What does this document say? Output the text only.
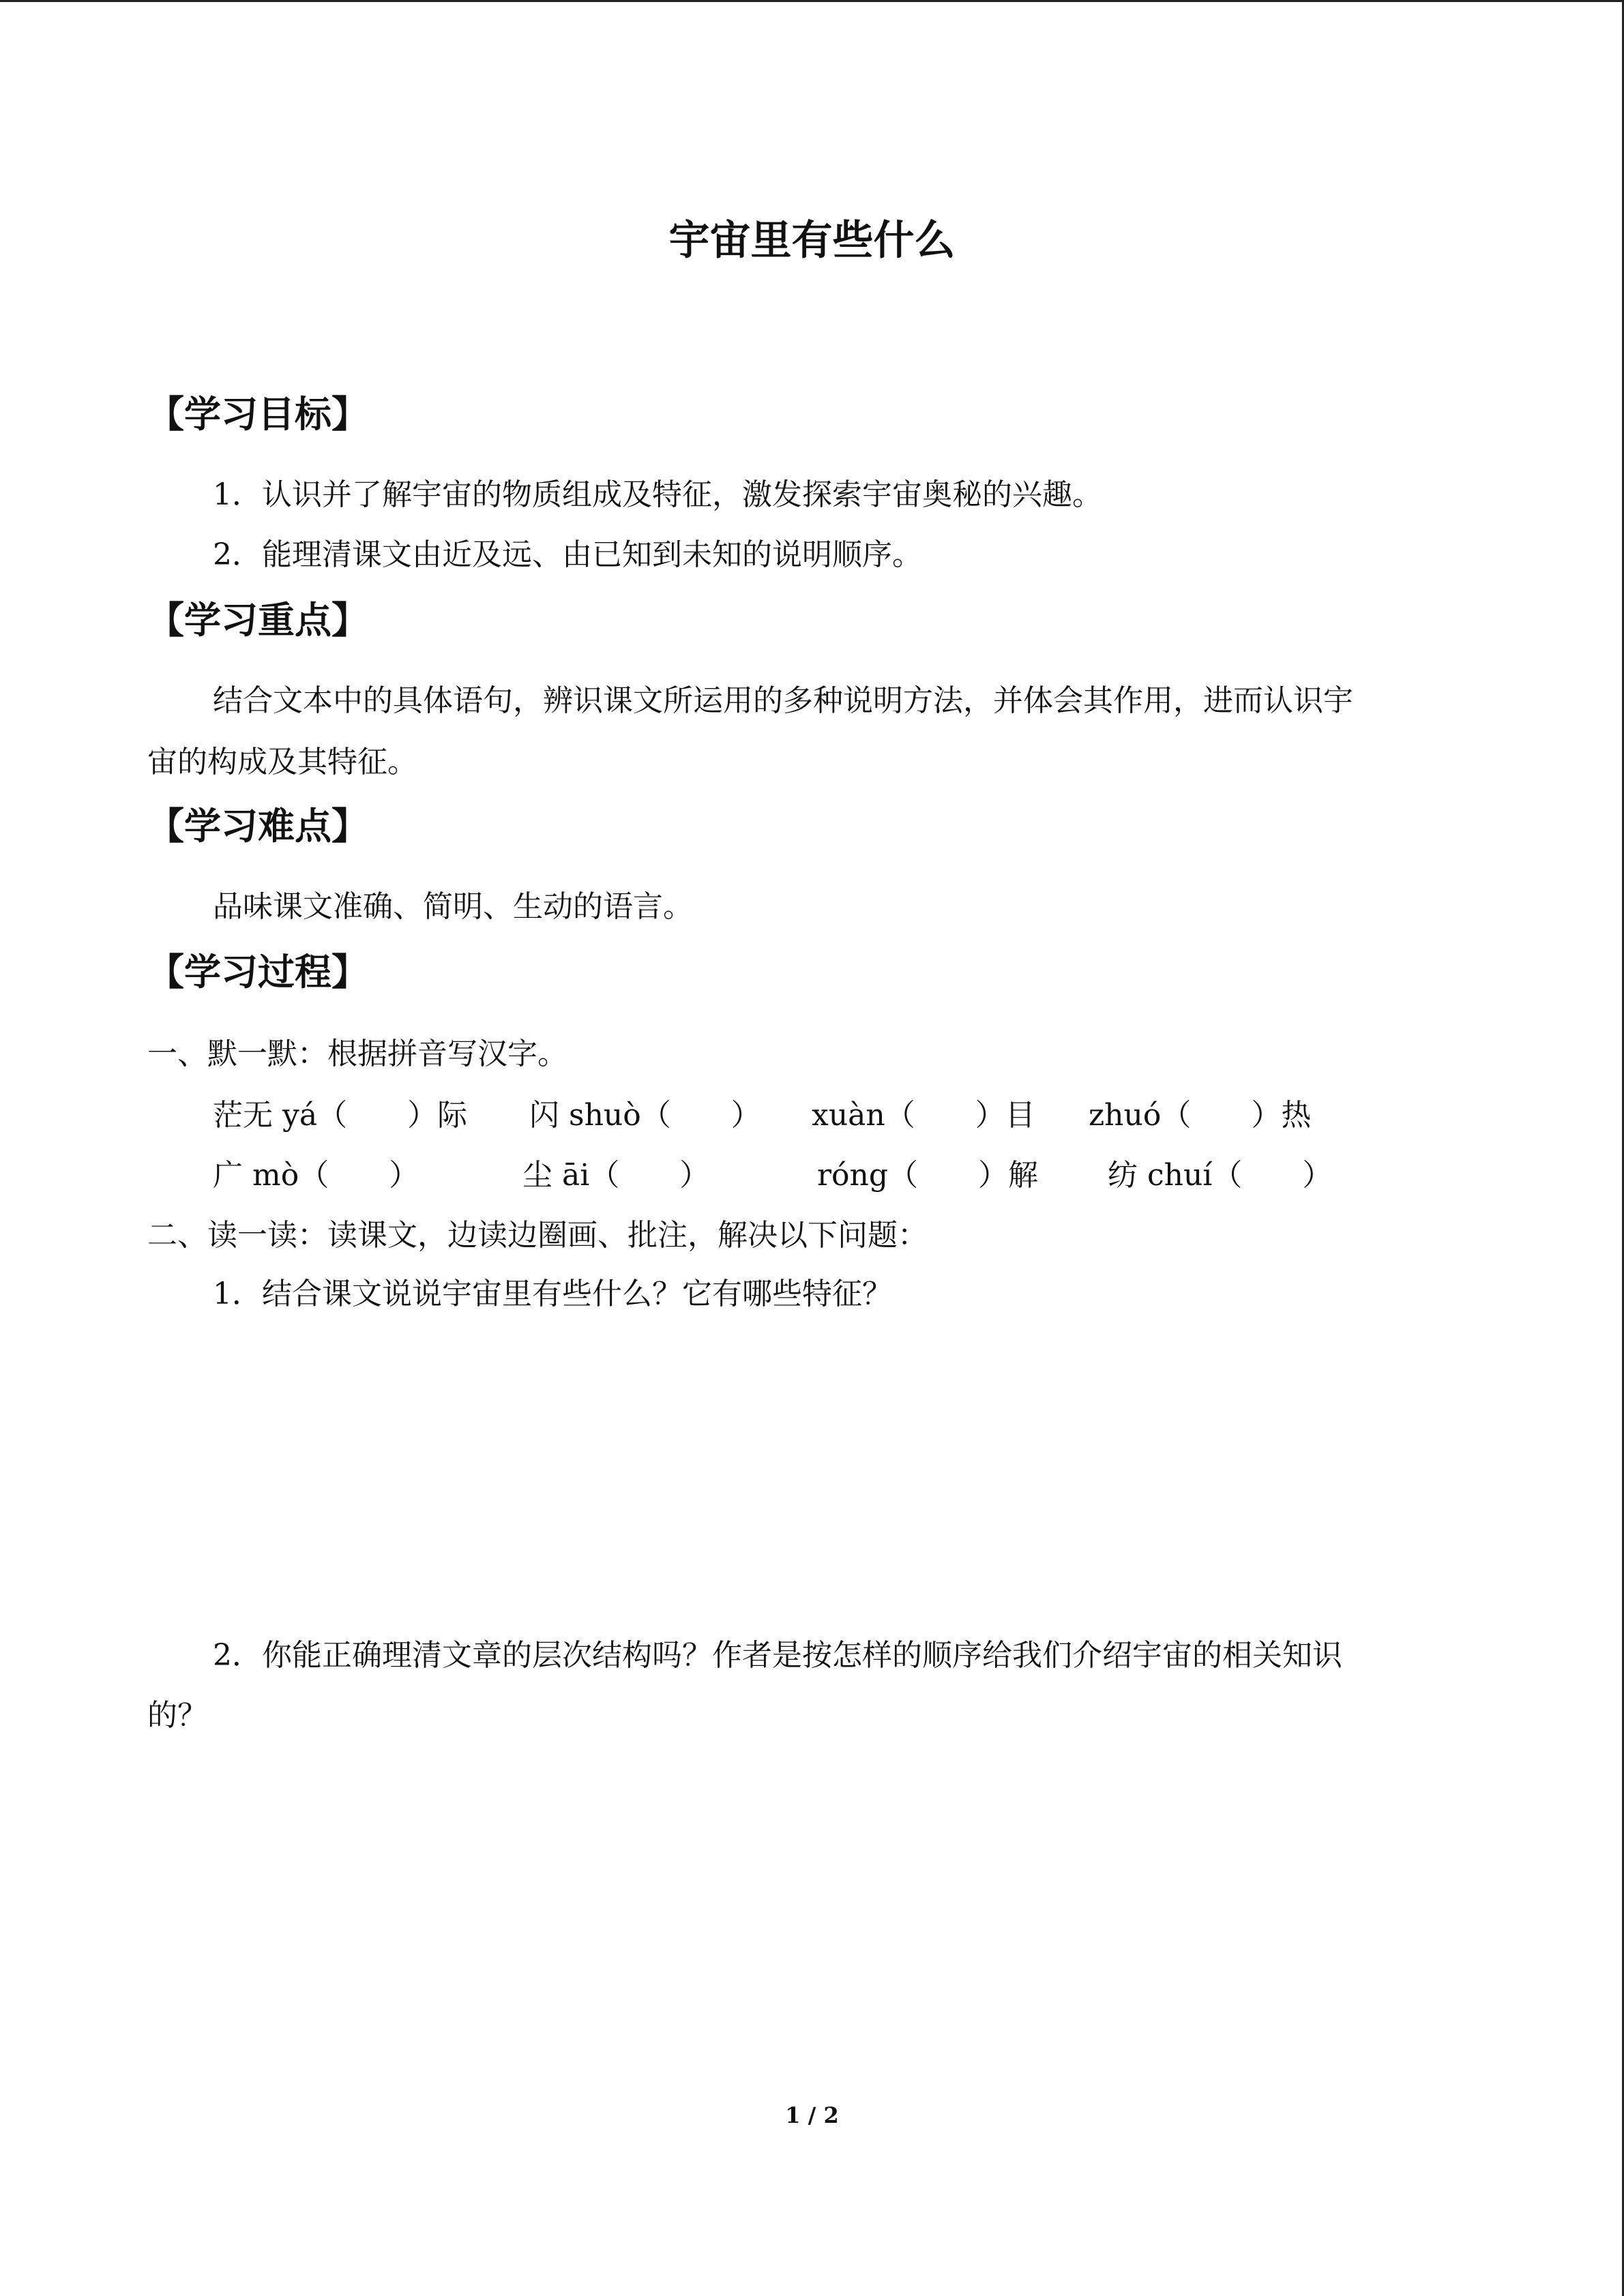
宇宙里有些什么
【学习目标】
1．认识并了解宇宙的物质组成及特征，激发探索宇宙奥秘的兴趣。
2．能理清课文由近及远、由已知到未知的说明顺序。
【学习重点】
结合文本中的具体语句，辨识课文所运用的多种说明方法，并体会其作用，进而认识宇
宙的构成及其特征。
【学习难点】
品味课文准确、简明、生动的语言。
【学习过程】
一、默一默：根据拼音写汉字。
茫无 yá（　　）际 闪 shuò（　　） xuàn（　　）目 zhuó（　　）热
广 mò（　　）	尘 āi（　　）	róng（　　）解 纺 chuí（　　）
二、读一读：读课文，边读边圈画、批注，解决以下问题：
1．结合课文说说宇宙里有些什么？它有哪些特征？
2．你能正确理清文章的层次结构吗？作者是按怎样的顺序给我们介绍宇宙的相关知识
的？
1 / 2
